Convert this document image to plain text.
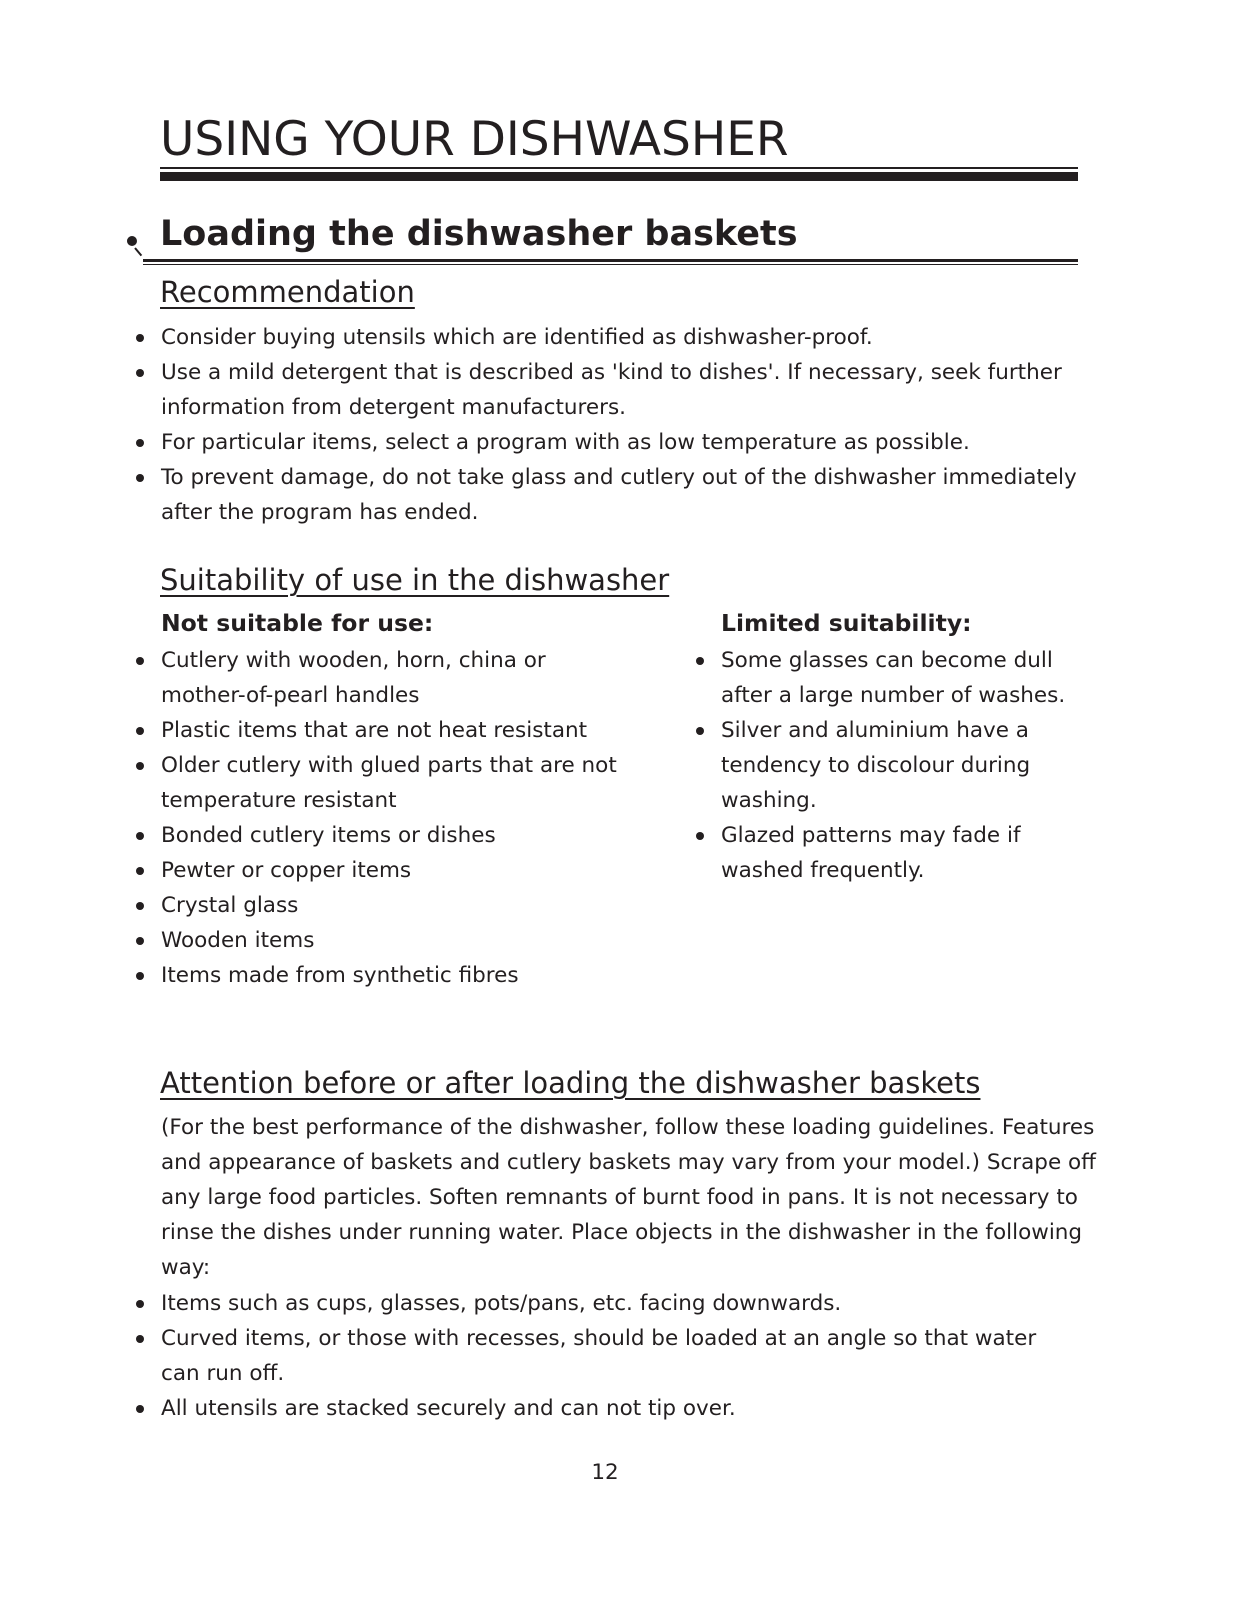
USING YOUR DISHWASHER
Loading the dishwasher baskets
Recommendation
Consider buying utensils which are identified as dishwasher-proof.
Use a mild detergent that is described as 'kind to dishes'. If necessary, seek further information from detergent manufacturers.
For particular items, select a program with as low temperature as possible.
To prevent damage, do not take glass and cutlery out of the dishwasher immediately after the program has ended.
Suitability of use in the dishwasher
Not suitable for use:
Cutlery with wooden, horn, china or mother-of-pearl handles
Plastic items that are not heat resistant
Older cutlery with glued parts that are not temperature resistant
Bonded cutlery items or dishes
Pewter or copper items
Crystal glass
Wooden items
Items made from synthetic fibres
Limited suitability:
Some glasses can become dull after a large number of washes.
Silver and aluminium have a tendency to discolour during washing.
Glazed patterns may fade if washed frequently.
Attention before or after loading the dishwasher baskets

(For the best performance of the dishwasher, follow these loading guidelines. Features and appearance of baskets and cutlery baskets may vary from your model.) Scrape off any large food particles. Soften remnants of burnt food in pans. It is not necessary to rinse the dishes under running water. Place objects in the dishwasher in the following way:

Items such as cups, glasses, pots/pans, etc. facing downwards.
Curved items, or those with recesses, should be loaded at an angle so that water can run off.
All utensils are stacked securely and can not tip over.
12
